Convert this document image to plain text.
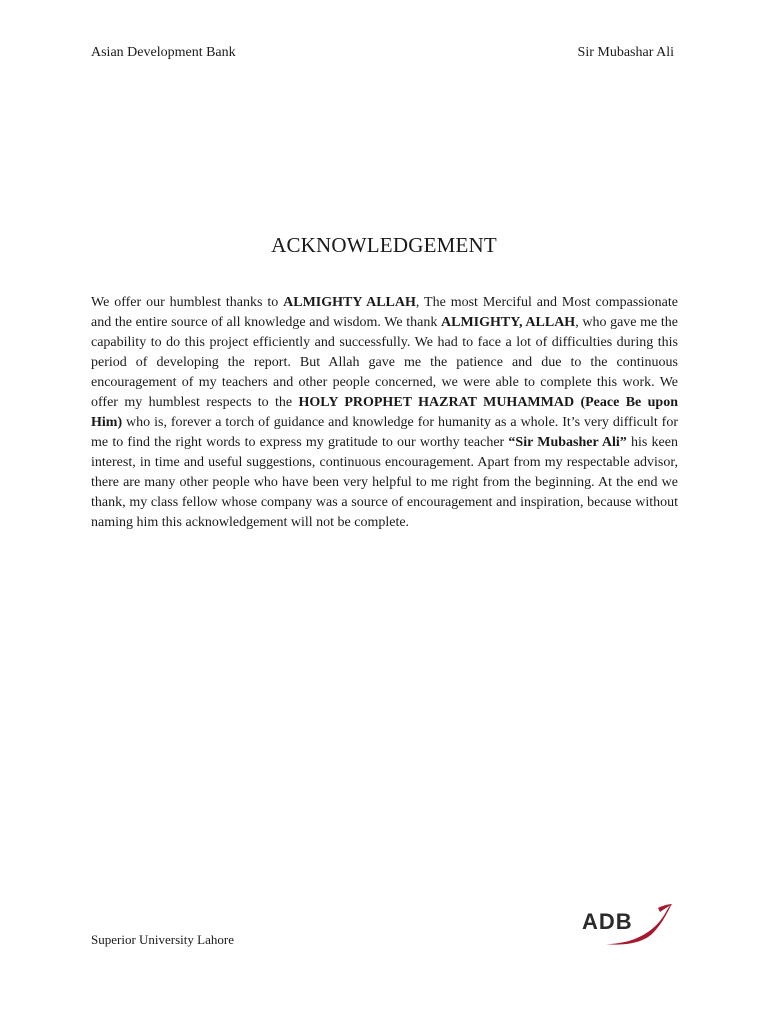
Asian Development Bank	Sir Mubashar Ali
ACKNOWLEDGEMENT
We offer our humblest thanks to ALMIGHTY ALLAH, The most Merciful and Most compassionate and the entire source of all knowledge and wisdom. We thank ALMIGHTY, ALLAH, who gave me the capability to do this project efficiently and successfully. We had to face a lot of difficulties during this period of developing the report. But Allah gave me the patience and due to the continuous encouragement of my teachers and other people concerned, we were able to complete this work. We offer my humblest respects to the HOLY PROPHET HAZRAT MUHAMMAD (Peace Be upon Him) who is, forever a torch of guidance and knowledge for humanity as a whole. It’s very difficult for me to find the right words to express my gratitude to our worthy teacher “Sir Mubasher Ali” his keen interest, in time and useful suggestions, continuous encouragement. Apart from my respectable advisor, there are many other people who have been very helpful to me right from the beginning. At the end we thank, my class fellow whose company was a source of encouragement and inspiration, because without naming him this acknowledgement will not be complete.
Superior University Lahore
ADB
